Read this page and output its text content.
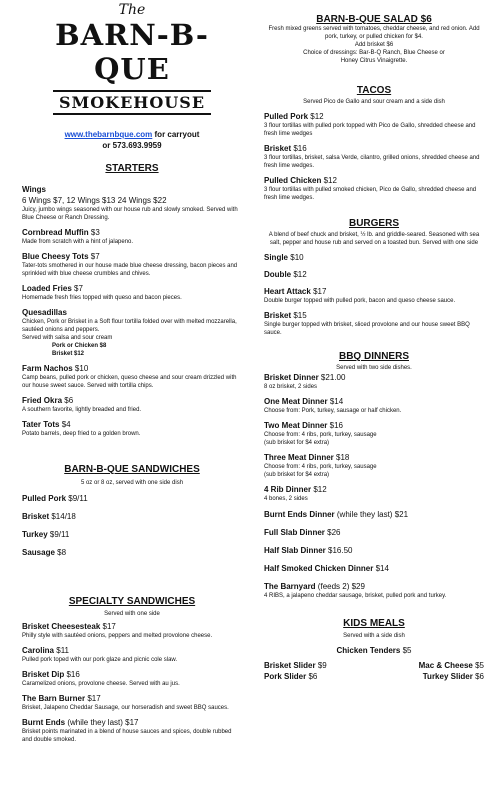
The
BARN-B-QUE
SMOKEHOUSE
www.thebarnbque.com for carryout
or 573.693.9959
STARTERS
Wings
6 Wings $7, 12 Wings $13 24 Wings $22
Juicy, jumbo wings seasoned with our house rub and slowly smoked. Served with Blue Cheese or Ranch Dressing.
Cornbread Muffin $3
Made from scratch with a hint of jalapeno.
Blue Cheesy Tots $7
Tater-tots smothered in our house made blue cheese dressing, bacon pieces and sprinkled with blue cheese crumbles and chives.
Loaded Fries $7
Homemade fresh fries topped with queso and bacon pieces.
Quesadillas
Chicken, Pork or Brisket in a Soft flour tortilla folded over with melted mozzarella, sautéed onions and peppers.
Served with salsa and sour cream
Pork or Chicken $8
Brisket $12
Farm Nachos $10
Camp beans, pulled pork or chicken, queso cheese and sour cream drizzled with our house sweet sauce. Served with tortilla chips.
Fried Okra $6
A southern favorite, lightly breaded and fried.
Tater Tots $4
Potato barrels, deep fried to a golden brown.
BARN-B-QUE SANDWICHES
5 oz or 8 oz, served with one side dish
Pulled Pork $9/11
Brisket $14/18
Turkey $9/11
Sausage $8
SPECIALTY SANDWICHES
Served with one side
Brisket Cheesesteak $17
Philly style with sautéed onions, peppers and melted provolone cheese.
Carolina $11
Pulled pork toped with our pork glaze and picnic cole slaw.
Brisket Dip $16
Caramelized onions, provolone cheese. Served with au jus.
The Barn Burner $17
Brisket, Jalapeno Cheddar Sausage, our horseradish and sweet BBQ sauces.
Burnt Ends (while they last) $17
Brisket points marinated in a blend of house sauces and spices, double rubbed and double smoked.
BARN-B-QUE SALAD $6
Fresh mixed greens served with tomatoes, cheddar cheese, and red onion. Add pork, turkey, or pulled chicken for $4.
Add brisket $6
Choice of dressings: Bar-B-Q Ranch, Blue Cheese or
Honey Citrus Vinaigrette.
TACOS
Served Pico de Gallo and sour cream and a side dish
Pulled Pork $12
3 flour tortillas with pulled pork topped with Pico de Gallo, shredded cheese and fresh lime wedges
Brisket $16
3 flour tortillas, brisket, salsa Verde, cilantro, grilled onions, shredded cheese and fresh lime wedges.
Pulled Chicken $12
3 flour tortillas with pulled smoked chicken, Pico de Gallo, shredded cheese and fresh lime wedges.
BURGERS
A blend of beef chuck and brisket, ½ lb. and griddle-seared. Seasoned with sea salt, pepper and house rub and served on a toasted bun. Served with one side
Single $10
Double $12
Heart Attack $17
Double burger topped with pulled pork, bacon and queso cheese sauce.
Brisket $15
Single burger topped with brisket, sliced provolone and our house sweet BBQ sauce.
BBQ DINNERS
Served with two side dishes.
Brisket Dinner $21.00
8 oz brisket, 2 sides
One Meat Dinner $14
Choose from: Pork, turkey, sausage or half chicken.
Two Meat Dinner $16
Choose from: 4 ribs, pork, turkey, sausage
(sub brisket for $4 extra)
Three Meat Dinner $18
Choose from: 4 ribs, pork, turkey, sausage
(sub brisket for $4 extra)
4 Rib Dinner $12
4 bones, 2 sides
Burnt Ends Dinner (while they last) $21
Full Slab Dinner $26
Half Slab Dinner $16.50
Half Smoked Chicken Dinner $14
The Barnyard (feeds 2) $29
4 RIBS, a jalapeno cheddar sausage, brisket, pulled pork and turkey.
KIDS MEALS
Served with a side dish
Chicken Tenders $5
Brisket Slider $9	Mac & Cheese $5
Pork Slider $6	Turkey Slider $6
